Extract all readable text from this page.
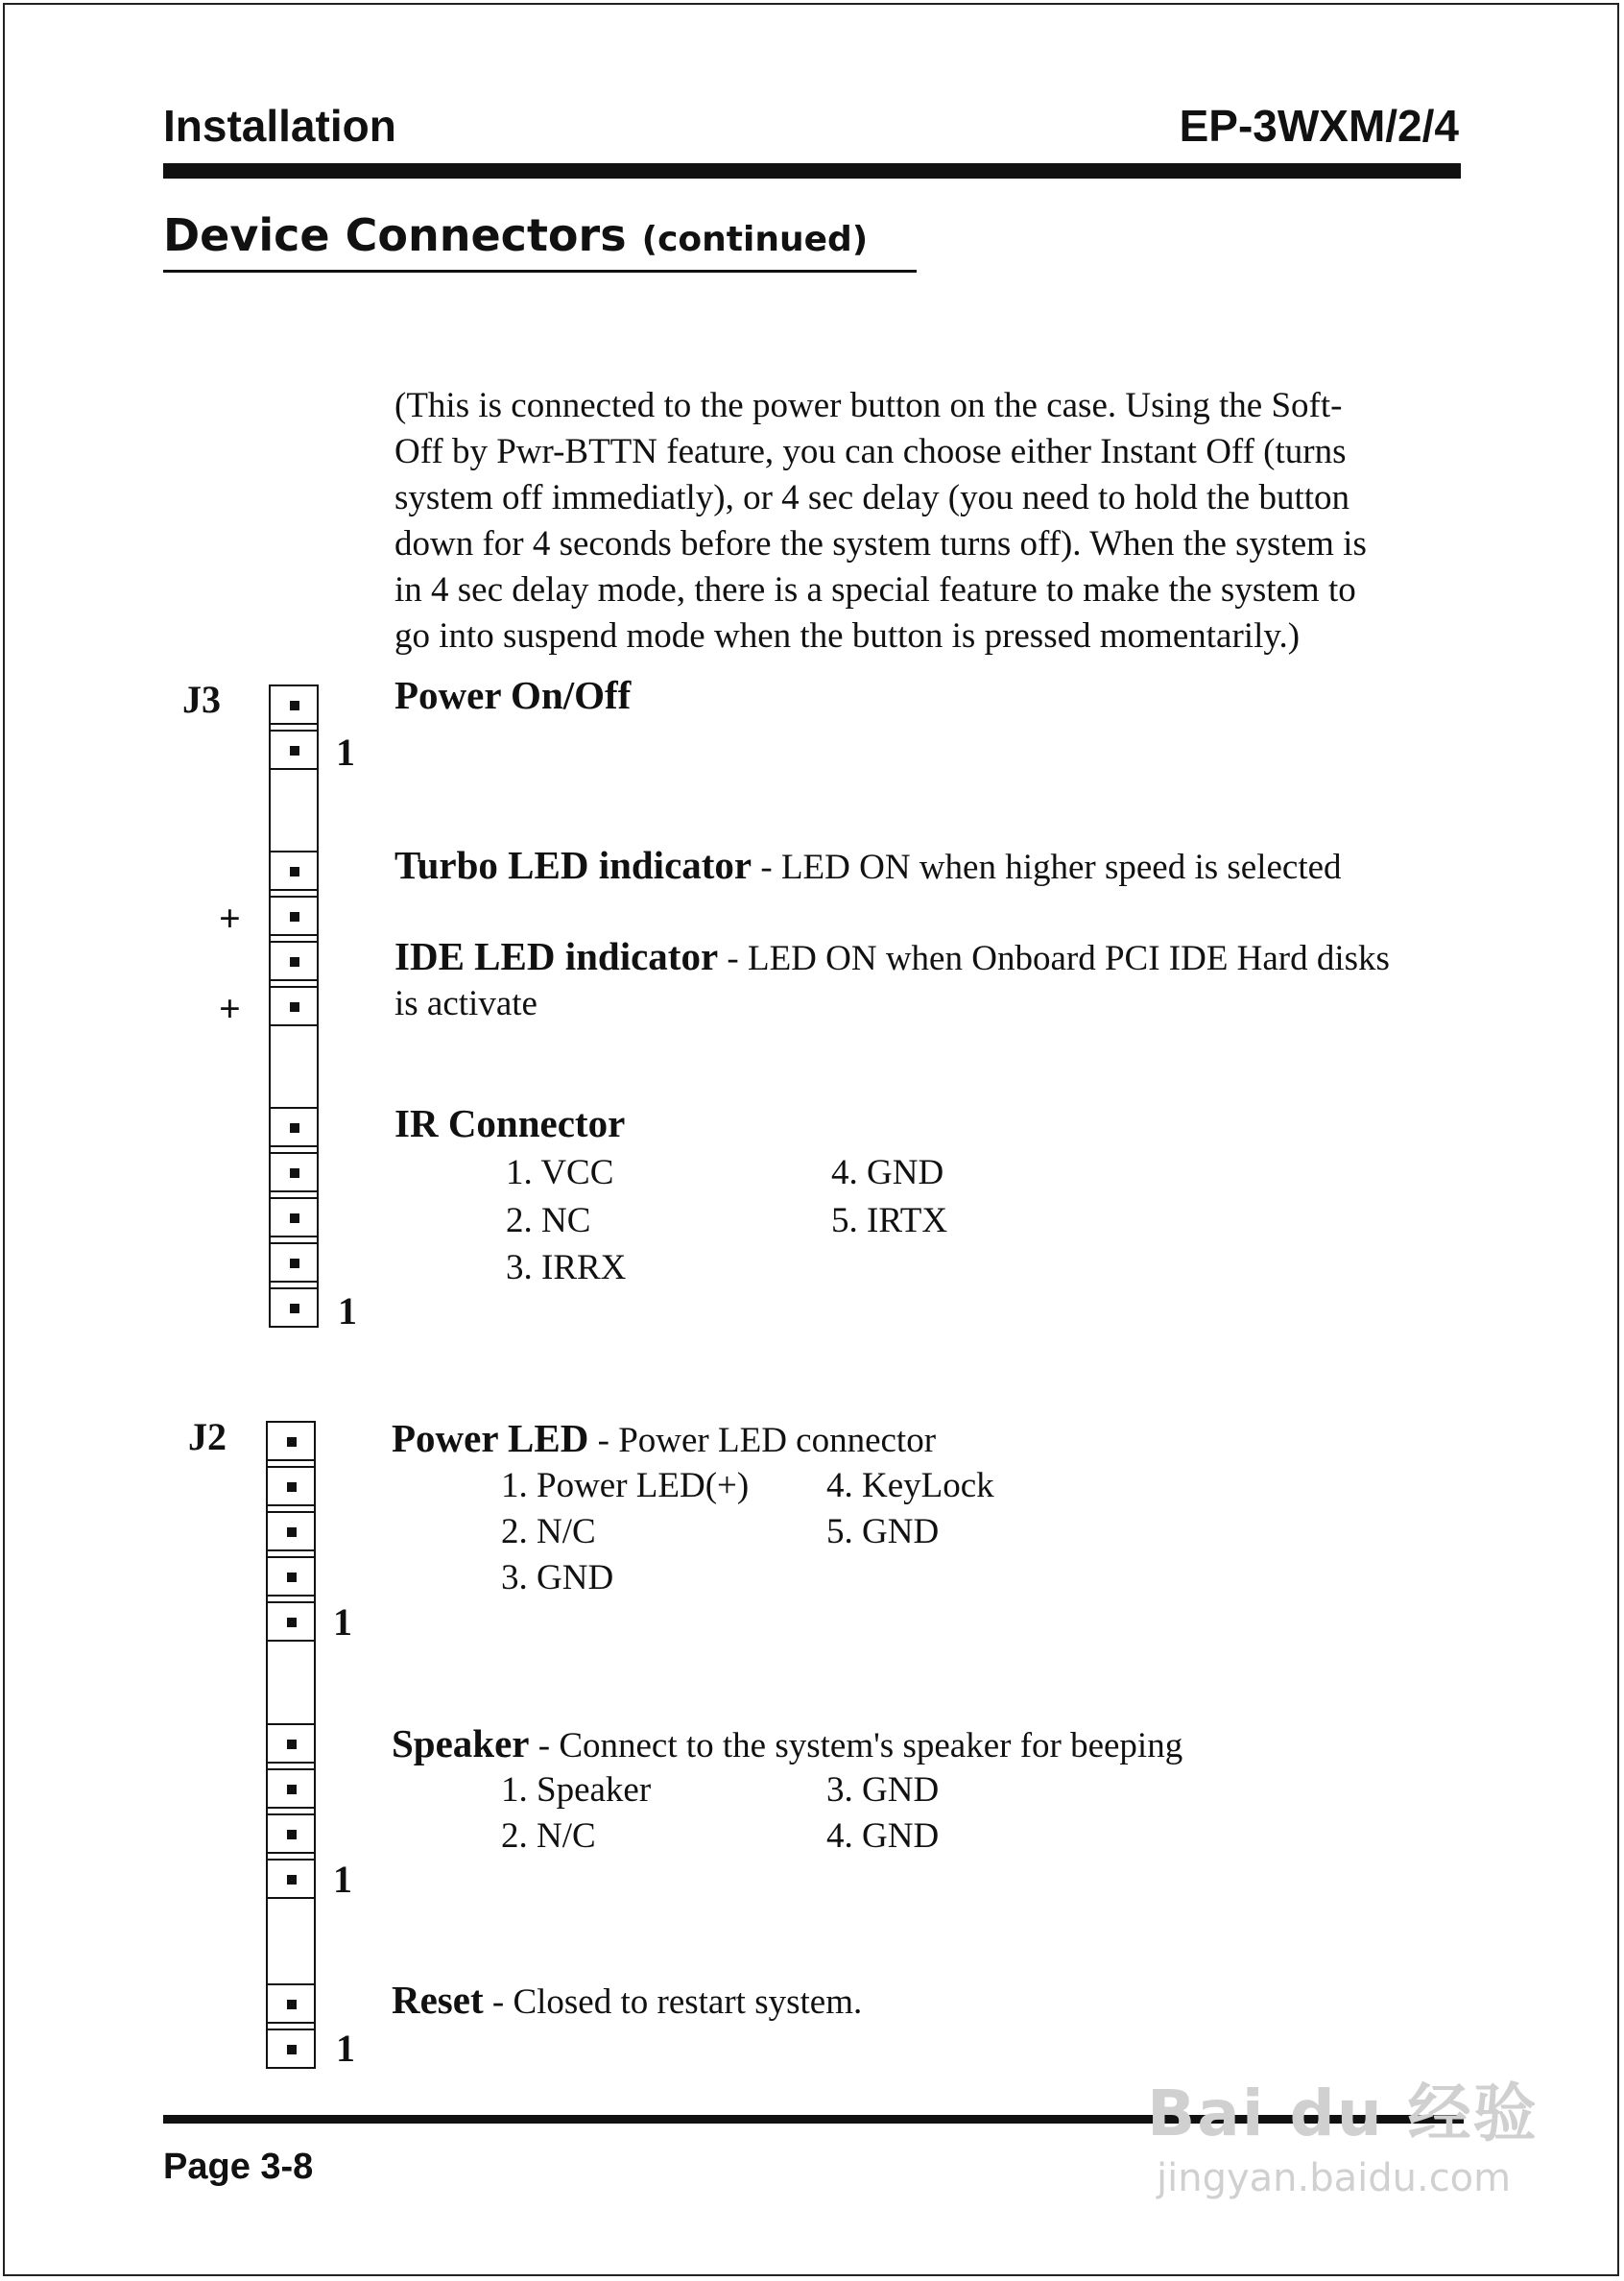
Installation	EP-3WXM/2/4
Device Connectors (continued)
(This is connected to the power button on the case. Using the Soft-
Off by Pwr-BTTN feature, you can choose either Instant Off (turns
system off immediatly), or 4 sec delay (you need to hold the button
down for 4 seconds before the system turns off). When the system is
in 4 sec delay mode, there is a special feature to make the system to
go into suspend mode when the button is pressed momentarily.)
J3
1
1
+
+
Power On/Off
Turbo LED indicator - LED ON when higher speed is selected
IDE LED indicator - LED ON when Onboard PCI IDE Hard disks
is activate
IR Connector
1. VCC
2. NC
3. IRRX
4. GND
5. IRTX
J2
1
1
1
Power LED - Power LED connector
1. Power LED(+)
2. N/C
3. GND
4. KeyLock
5. GND
Speaker - Connect to the system's speaker for beeping
1. Speaker
2. N/C
3. GND
4. GND
Reset - Closed to restart system.
Page 3-8
Bai du 经验
jingyan.baidu.com
